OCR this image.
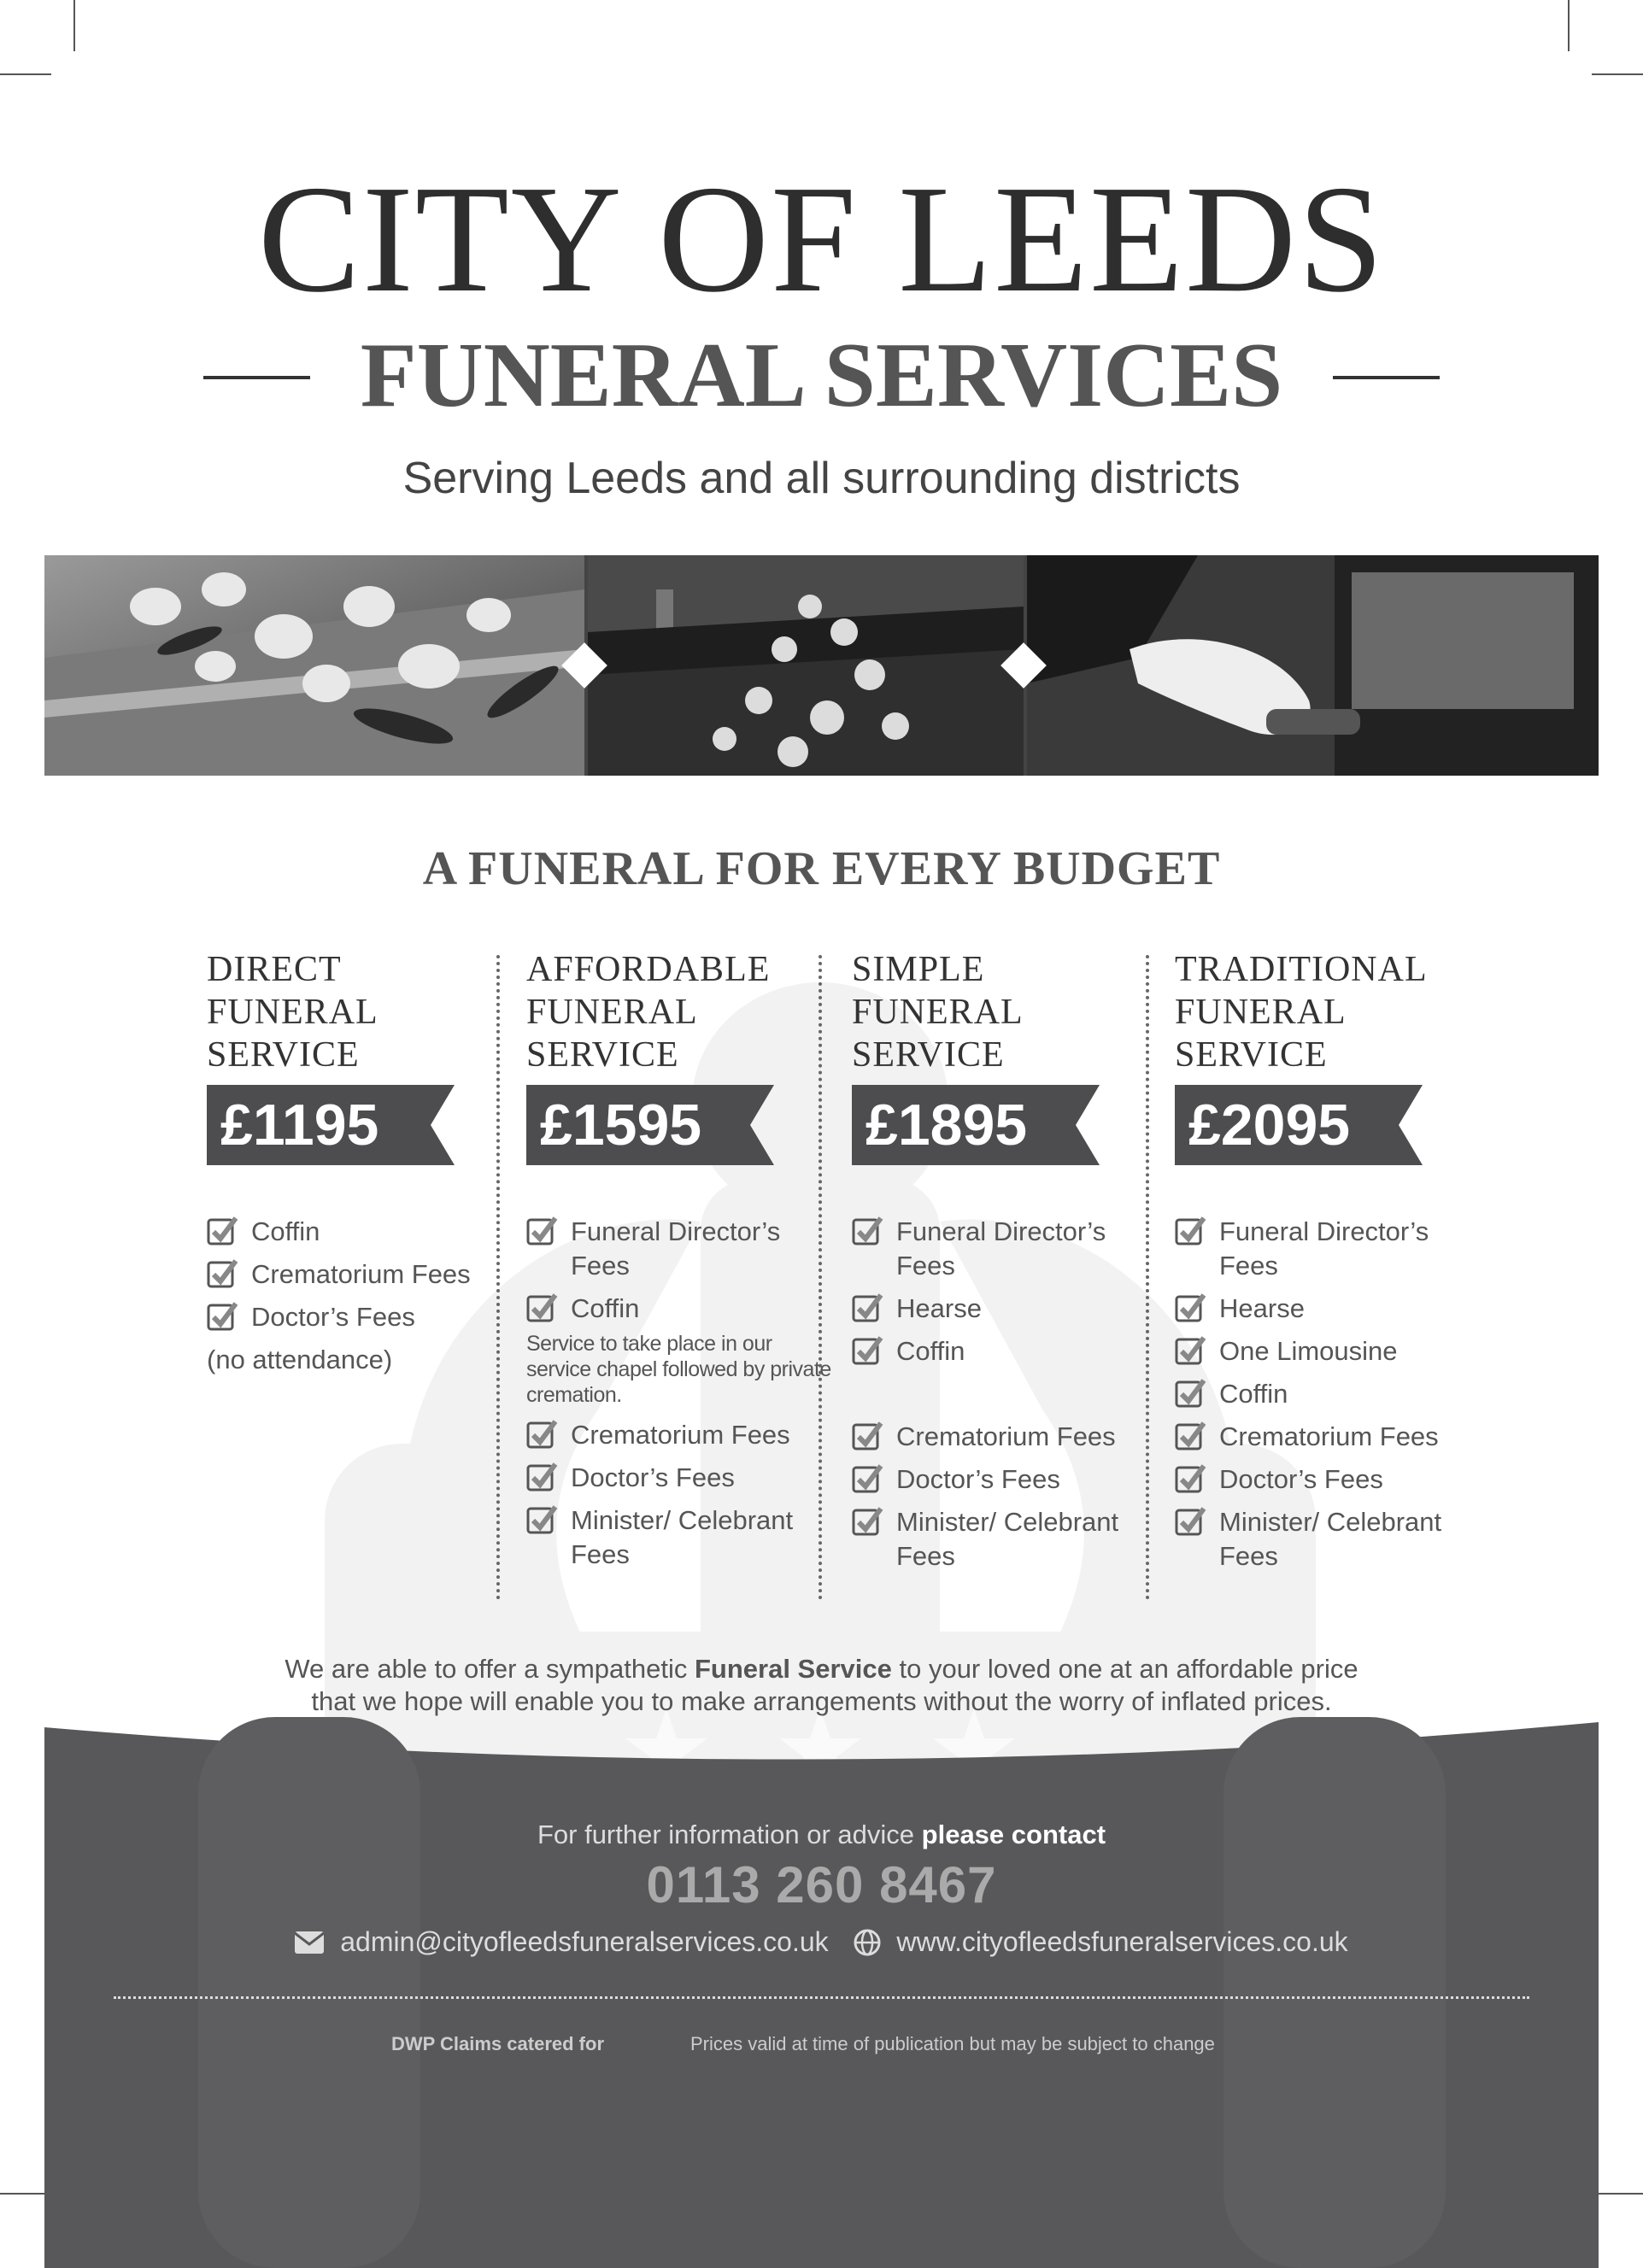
CITY OF LEEDS
FUNERAL SERVICES
Serving Leeds and all surrounding districts
A FUNERAL FOR EVERY BUDGET
DIRECT
FUNERAL
SERVICE
£1195
Coffin
Crematorium Fees
Doctor’s Fees
(no attendance)
AFFORDABLE
FUNERAL
SERVICE
£1595
Funeral Director’s Fees
Coffin
Service to take place in our service chapel followed by private cremation.
Crematorium Fees
Doctor’s Fees
Minister/ Celebrant Fees
SIMPLE
FUNERAL
SERVICE
£1895
Funeral Director’s Fees
Hearse
Coffin
Crematorium Fees
Doctor’s Fees
Minister/ Celebrant Fees
TRADITIONAL
FUNERAL
SERVICE
£2095
Funeral Director’s Fees
Hearse
One Limousine
Coffin
Crematorium Fees
Doctor’s Fees
Minister/ Celebrant Fees
We are able to offer a sympathetic Funeral Service to your loved one at an affordable price
that we hope will enable you to make arrangements without the worry of inflated prices.
For further information or advice please contact
0113 260 8467
admin@cityofleedsfuneralservices.co.uk www.cityofleedsfuneralservices.co.uk
DWP Claims catered for	Prices valid at time of publication but may be subject to change
